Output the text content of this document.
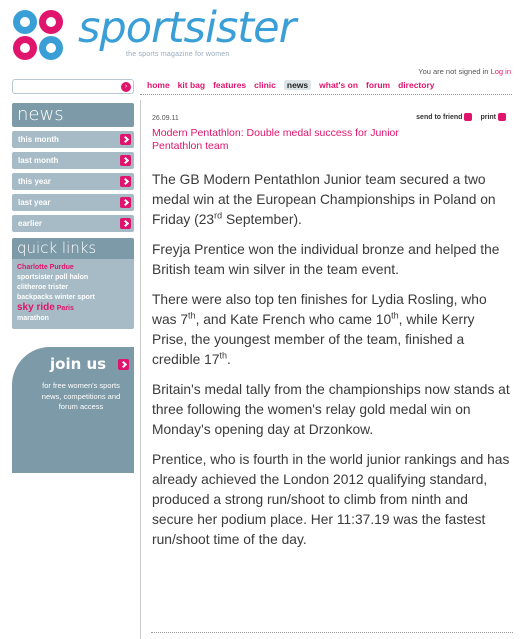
sportsister
the sports magazine for women
You are not signed in Log in
›	home kit bag features clinic	news	what's on forum directory
news
this month
last month
this year
last year
earlier
quick links
Charlotte Purdue
sportsister poll halon
clitheroe trister
backpacks winter sport
sky ride Paris
marathon
join us
for free women's sports news, competitions and forum access
26.09.11	send to friend	print
Modern Pentathlon: Double medal success for Junior Pentathlon team

The GB Modern Pentathlon Junior team secured a two medal win at the European Championships in Poland on Friday (23rd September).

Freyja Prentice won the individual bronze and helped the British team win silver in the team event.

There were also top ten finishes for Lydia Rosling, who was 7th, and Kate French who came 10th, while Kerry Prise, the youngest member of the team, finished a credible 17th.

Britain's medal tally from the championships now stands at three following the women's relay gold medal win on Monday's opening day at Drzonkow.

Prentice, who is fourth in the world junior rankings and has already achieved the London 2012 qualifying standard, produced a strong run/shoot to climb from ninth and secure her podium place. Her 11:37.19 was the fastest run/shoot time of the day.
